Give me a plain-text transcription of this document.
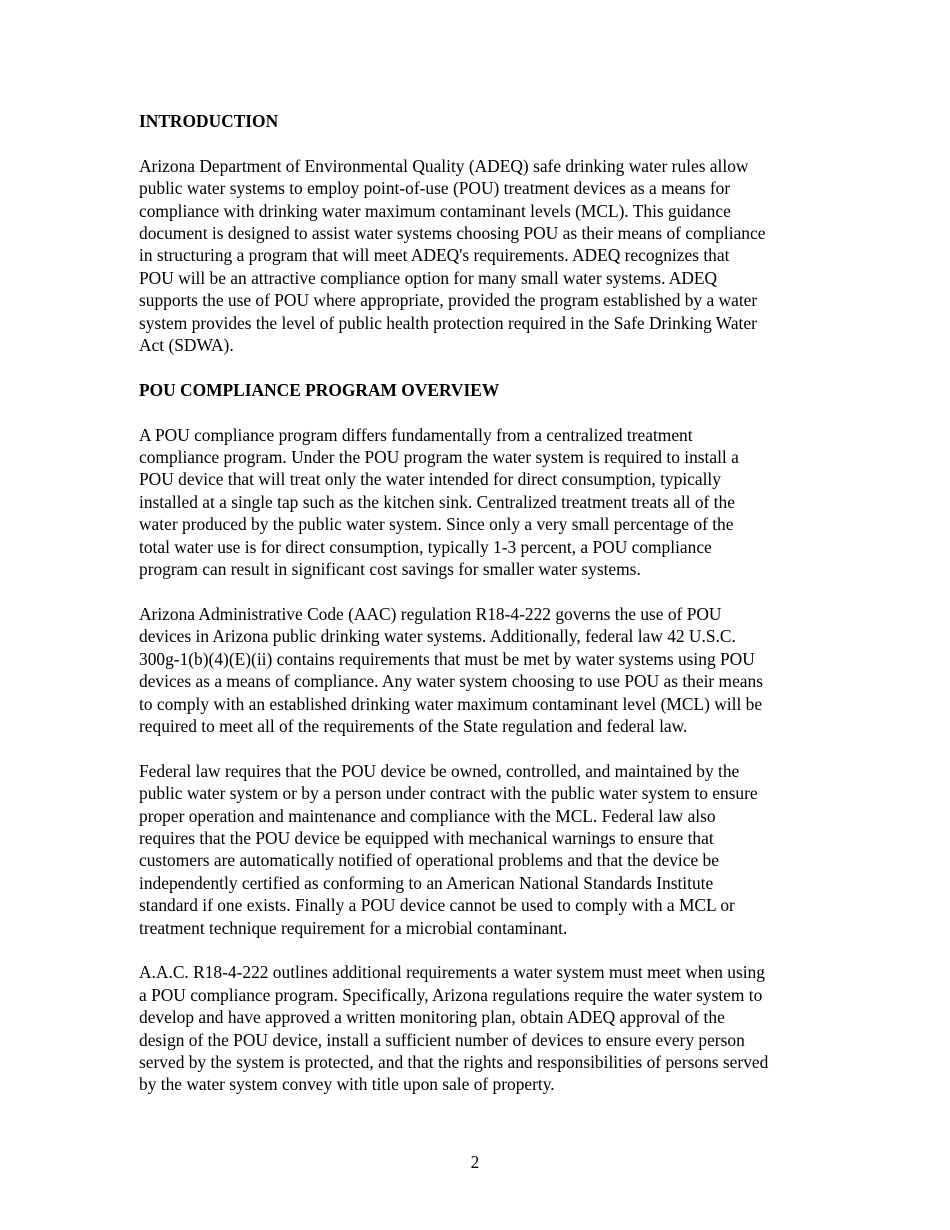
INTRODUCTION
Arizona Department of Environmental Quality (ADEQ) safe drinking water rules allow
public water systems to employ point-of-use (POU) treatment devices as a means for
compliance with drinking water maximum contaminant levels (MCL). This guidance
document is designed to assist water systems choosing POU as their means of compliance
in structuring a program that will meet ADEQ's requirements. ADEQ recognizes that
POU will be an attractive compliance option for many small water systems. ADEQ
supports the use of POU where appropriate, provided the program established by a water
system provides the level of public health protection required in the Safe Drinking Water
Act (SDWA).
POU COMPLIANCE PROGRAM OVERVIEW
A POU compliance program differs fundamentally from a centralized treatment
compliance program. Under the POU program the water system is required to install a
POU device that will treat only the water intended for direct consumption, typically
installed at a single tap such as the kitchen sink. Centralized treatment treats all of the
water produced by the public water system. Since only a very small percentage of the
total water use is for direct consumption, typically 1-3 percent, a POU compliance
program can result in significant cost savings for smaller water systems.
Arizona Administrative Code (AAC) regulation R18-4-222 governs the use of POU
devices in Arizona public drinking water systems. Additionally, federal law 42 U.S.C.
300g-1(b)(4)(E)(ii) contains requirements that must be met by water systems using POU
devices as a means of compliance. Any water system choosing to use POU as their means
to comply with an established drinking water maximum contaminant level (MCL) will be
required to meet all of the requirements of the State regulation and federal law.
Federal law requires that the POU device be owned, controlled, and maintained by the
public water system or by a person under contract with the public water system to ensure
proper operation and maintenance and compliance with the MCL. Federal law also
requires that the POU device be equipped with mechanical warnings to ensure that
customers are automatically notified of operational problems and that the device be
independently certified as conforming to an American National Standards Institute
standard if one exists. Finally a POU device cannot be used to comply with a MCL or
treatment technique requirement for a microbial contaminant.
A.A.C. R18-4-222 outlines additional requirements a water system must meet when using
a POU compliance program. Specifically, Arizona regulations require the water system to
develop and have approved a written monitoring plan, obtain ADEQ approval of the
design of the POU device, install a sufficient number of devices to ensure every person
served by the system is protected, and that the rights and responsibilities of persons served
by the water system convey with title upon sale of property.
2
